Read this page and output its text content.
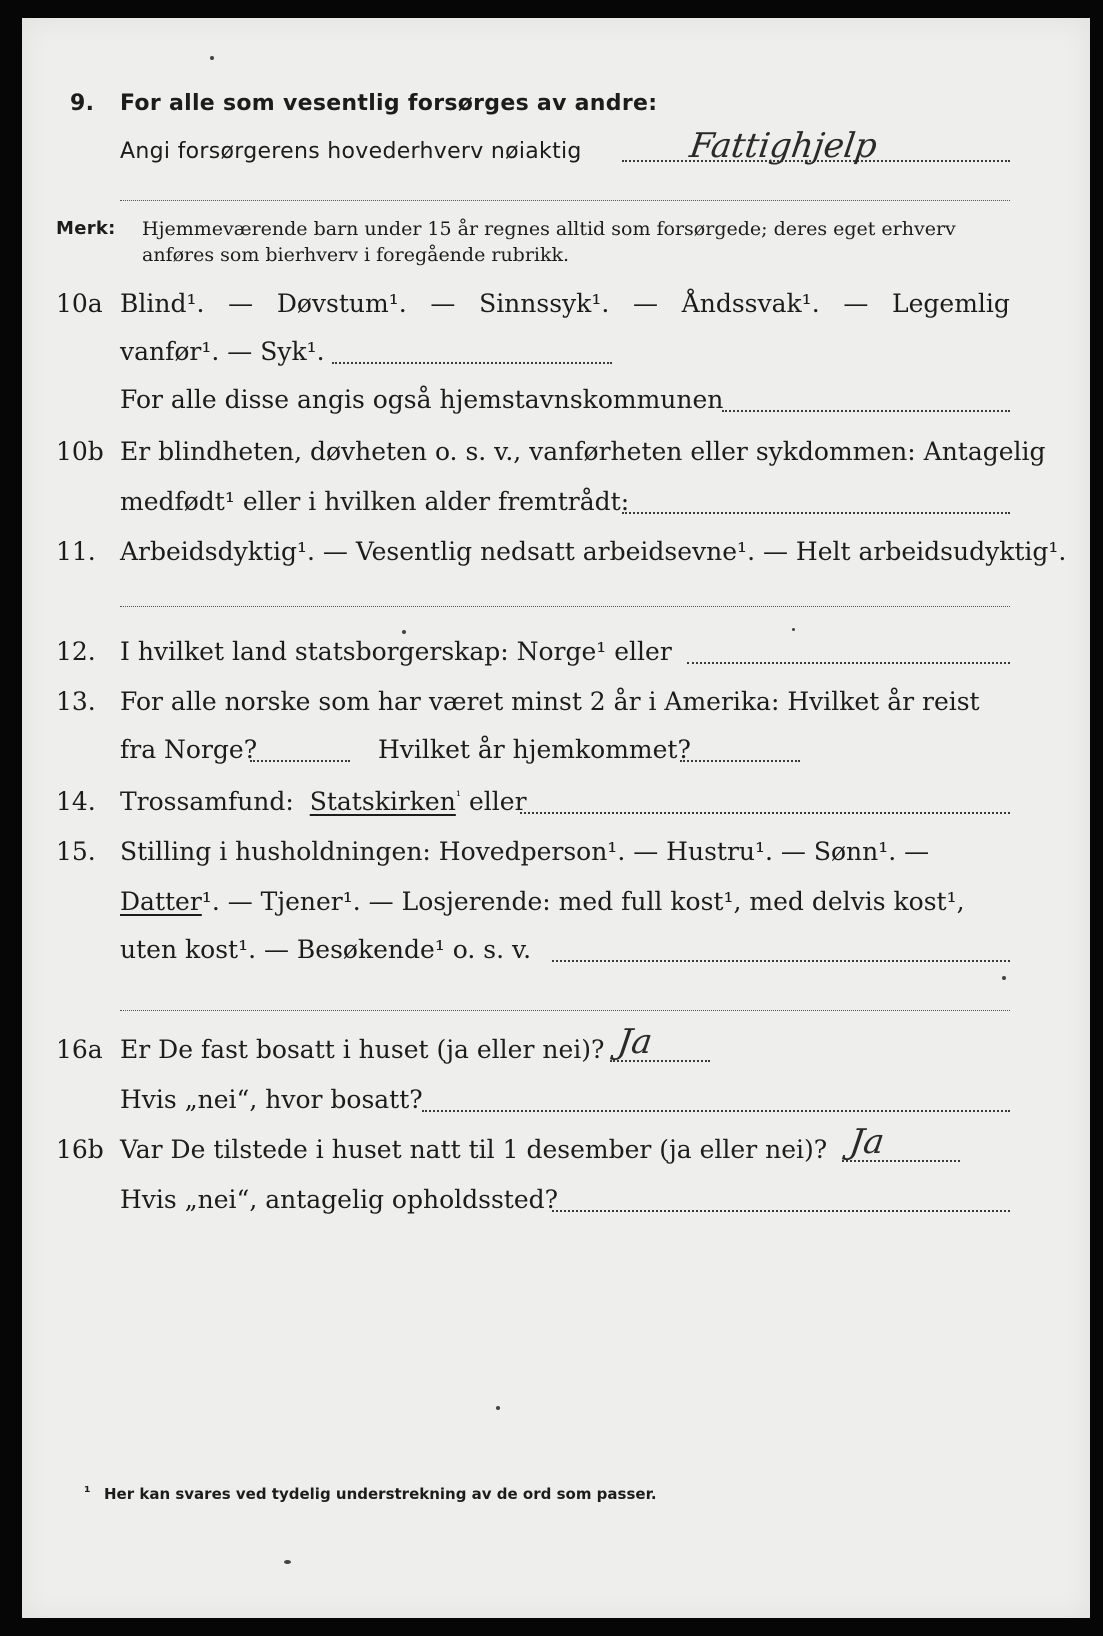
9. For alle som vesentlig forsørges av andre:
Angi forsørgerens hovederhverv nøiaktig	Fattighjelp
Merk: Hjemmeværende barn under 15 år regnes alltid som forsørgede; deres eget erhverv
anføres som bierhverv i foregående rubrikk.
10a Blind¹. — Døvstum¹. — Sinnssyk¹. — Åndssvak¹. — Legemlig
vanfør¹. — Syk¹.
For alle disse angis også hjemstavnskommunen
10b Er blindheten, døvheten o. s. v., vanførheten eller sykdommen: Antagelig
medfødt¹ eller i hvilken alder fremtrådt:
11. Arbeidsdyktig¹. — Vesentlig nedsatt arbeidsevne¹. — Helt arbeidsudyktig¹.
12. I hvilket land statsborgerskap: Norge¹ eller
13. For alle norske som har været minst 2 år i Amerika: Hvilket år reist
fra Norge?	Hvilket år hjemkommet?
14. Trossamfund: Statskirken$^{^1}$ eller
15. Stilling i husholdningen: Hovedperson¹. — Hustru¹. — Sønn¹. —
Datter¹. — Tjener¹. — Losjerende: med full kost¹, med delvis kost¹,
uten kost¹. — Besøkende¹ o. s. v.
16a Er De fast bosatt i huset (ja eller nei)? Ja
Hvis „nei“, hvor bosatt?
16b Var De tilstede i huset natt til 1 desember (ja eller nei)? Ja
Hvis „nei“, antagelig opholdssted?
¹ Her kan svares ved tydelig understrekning av de ord som passer.
